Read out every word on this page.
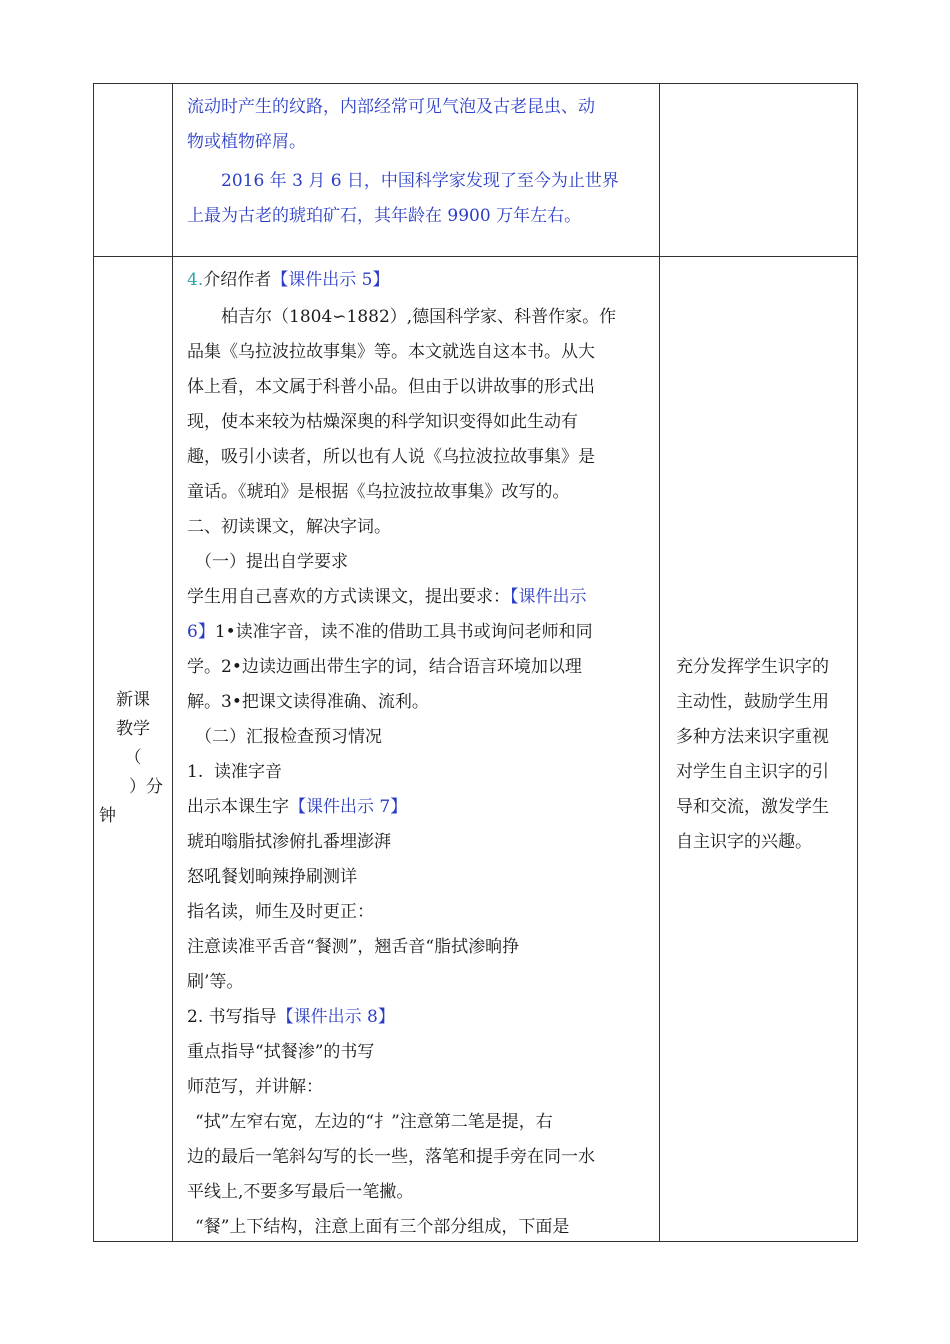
流动时产生的纹路，内部经常可见气泡及古老昆虫、动

物或植物碎屑。

2016 年 3 月 6 日，中国科学家发现了至今为止世界

上最为古老的琥珀矿石，其年龄在 9900 万年左右。

新课
教学
（
）分
钟

4.介绍作者【课件出示 5】

柏吉尔（1804∽1882）,德国科学家、科普作家。作

品集《乌拉波拉故事集》等。本文就选自这本书。从大

体上看，本文属于科普小品。但由于以讲故事的形式出

现，使本来较为枯燥深奥的科学知识变得如此生动有

趣，吸引小读者，所以也有人说《乌拉波拉故事集》是

童话。《琥珀》是根据《乌拉波拉故事集》改写的。

二、初读课文，解决字词。

（一）提出自学要求

学生用自己喜欢的方式读课文，提出要求：【课件出示

6】1•读准字音，读不准的借助工具书或询问老师和同

学。2•边读边画出带生字的词，结合语言环境加以理

解。3•把课文读得准确、流利。

（二）汇报检查预习情况

1.  读准字音

出示本课生字【课件出示 7】

琥珀嗡脂拭渗俯扎番埋澎湃

怒吼餐划晌辣挣刷测详

指名读，师生及时更正：

注意读准平舌音“餐测”，翘舌音“脂拭渗晌挣

刷’等。

2. 书写指导【课件出示 8】

重点指导“拭餐渗”的书写

师范写，并讲解：

“拭”左窄右宽，左边的“扌”注意第二笔是提，右

边的最后一笔斜勾写的长一些，落笔和提手旁在同一水

平线上,不要多写最后一笔撇。

“餐”上下结构，注意上面有三个部分组成，下面是

充分发挥学生识字的

主动性，鼓励学生用

多种方法来识字重视

对学生自主识字的引

导和交流，激发学生

自主识字的兴趣。
